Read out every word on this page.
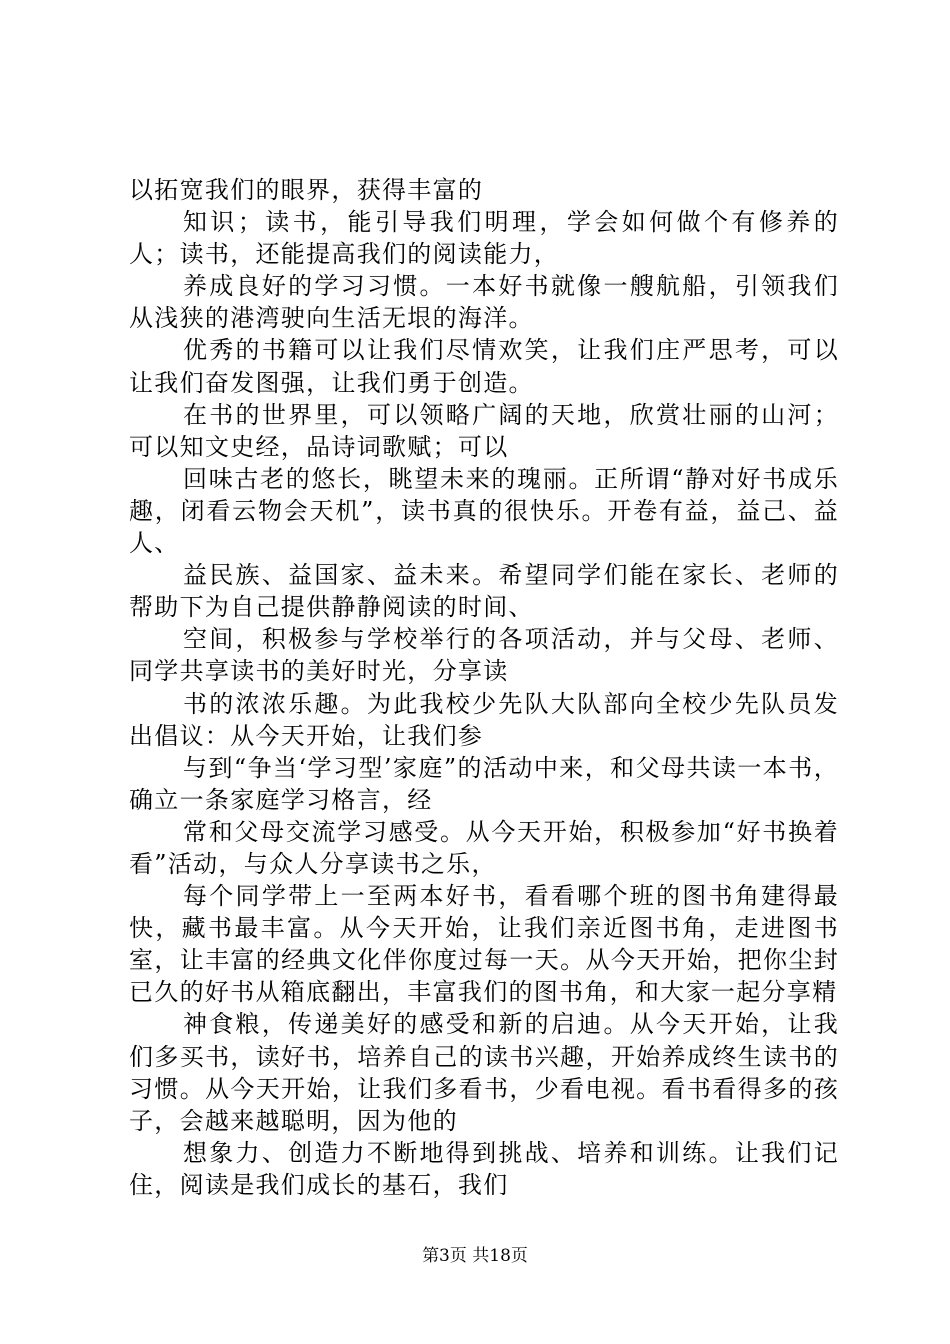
以拓宽我们的眼界，获得丰富的

知识；读书，能引导我们明理，学会如何做个有修养的人；读书，还能提高我们的阅读能力，

养成良好的学习习惯。一本好书就像一艘航船，引领我们从浅狭的港湾驶向生活无垠的海洋。

优秀的书籍可以让我们尽情欢笑，让我们庄严思考，可以让我们奋发图强，让我们勇于创造。

在书的世界里，可以领略广阔的天地，欣赏壮丽的山河；可以知文史经，品诗词歌赋；可以

回味古老的悠长，眺望未来的瑰丽。正所谓“静对好书成乐趣，闭看云物会天机”，读书真的很快乐。开卷有益，益己、益人、

益民族、益国家、益未来。希望同学们能在家长、老师的帮助下为自己提供静静阅读的时间、

空间，积极参与学校举行的各项活动，并与父母、老师、同学共享读书的美好时光，分享读

书的浓浓乐趣。为此我校少先队大队部向全校少先队员发出倡议：从今天开始，让我们参

与到“争当‘学习型’家庭”的活动中来，和父母共读一本书，确立一条家庭学习格言，经

常和父母交流学习感受。从今天开始，积极参加“好书换着看”活动，与众人分享读书之乐，

每个同学带上一至两本好书，看看哪个班的图书角建得最快，藏书最丰富。从今天开始，让我们亲近图书角，走进图书室，让丰富的经典文化伴你度过每一天。从今天开始，把你尘封已久的好书从箱底翻出，丰富我们的图书角，和大家一起分享精

神食粮，传递美好的感受和新的启迪。从今天开始，让我们多买书，读好书，培养自己的读书兴趣，开始养成终生读书的习惯。从今天开始，让我们多看书，少看电视。看书看得多的孩子，会越来越聪明，因为他的

想象力、创造力不断地得到挑战、培养和训练。让我们记住，阅读是我们成长的基石，我们

第3页 共18页
